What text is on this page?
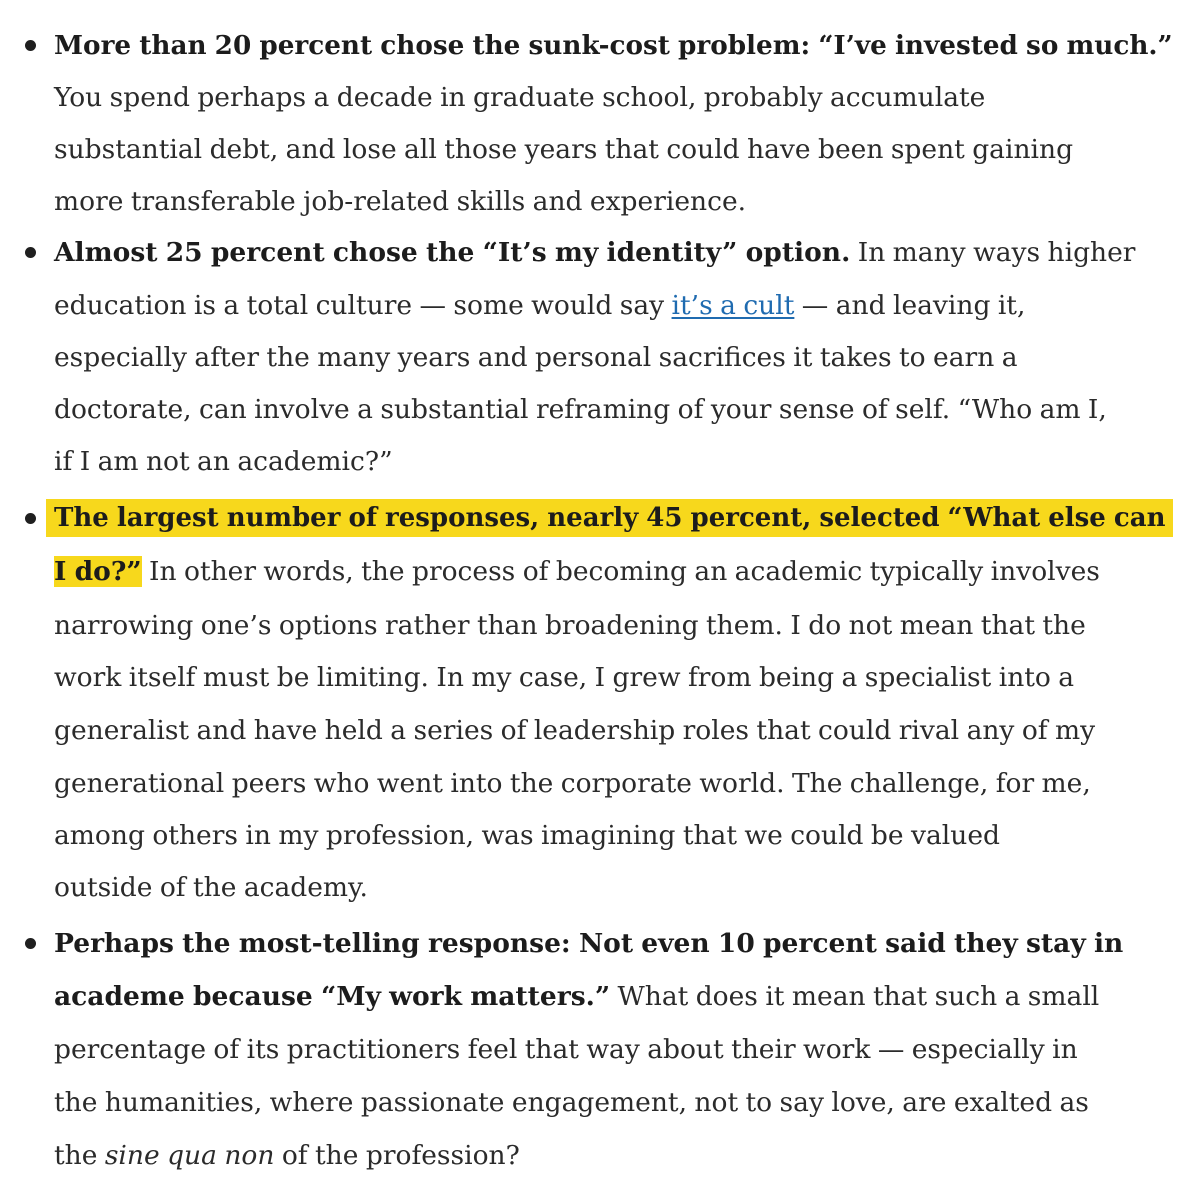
More than 20 percent chose the sunk-cost problem: “I’ve invested so much.”
You spend perhaps a decade in graduate school, probably accumulate
substantial debt, and lose all those years that could have been spent gaining
more transferable job-related skills and experience.
Almost 25 percent chose the “It’s my identity” option. In many ways higher
education is a total culture — some would say it’s a cult — and leaving it,
especially after the many years and personal sacrifices it takes to earn a
doctorate, can involve a substantial reframing of your sense of self. “Who am I,
if I am not an academic?”
The largest number of responses, nearly 45 percent, selected “What else can
I do?” In other words, the process of becoming an academic typically involves
narrowing one’s options rather than broadening them. I do not mean that the
work itself must be limiting. In my case, I grew from being a specialist into a
generalist and have held a series of leadership roles that could rival any of my
generational peers who went into the corporate world. The challenge, for me,
among others in my profession, was imagining that we could be valued
outside of the academy.
Perhaps the most-telling response: Not even 10 percent said they stay in
academe because “My work matters.” What does it mean that such a small
percentage of its practitioners feel that way about their work — especially in
the humanities, where passionate engagement, not to say love, are exalted as
the sine qua non of the profession?
